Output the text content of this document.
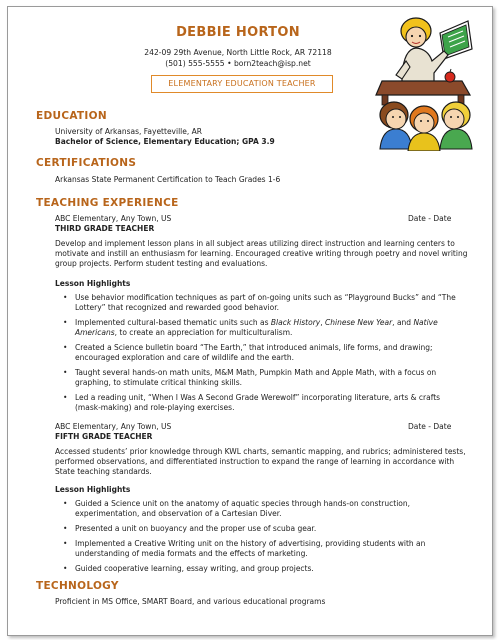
DEBBIE HORTON
242-09 29th Avenue, North Little Rock, AR 72118
(501) 555-5555 • born2teach@isp.net
ELEMENTARY EDUCATION TEACHER
EDUCATION
University of Arkansas, Fayetteville, AR
Bachelor of Science, Elementary Education; GPA 3.9
CERTIFICATIONS
Arkansas State Permanent Certification to Teach Grades 1-6
TEACHING EXPERIENCE
ABC Elementary, Any Town, US	Date - Date
THIRD GRADE TEACHER
Develop and implement lesson plans in all subject areas utilizing direct instruction and learning centers to motivate and instill an enthusiasm for learning. Encouraged creative writing through poetry and novel writing group projects. Perform student testing and evaluations.
Lesson Highlights
• Use behavior modification techniques as part of on-going units such as “Playground Bucks” and “The Lottery” that recognized and rewarded good behavior.
• Implemented cultural-based thematic units such as Black History, Chinese New Year, and Native Americans, to create an appreciation for multiculturalism.
• Created a Science bulletin board “The Earth,” that introduced animals, life forms, and drawing; encouraged exploration and care of wildlife and the earth.
• Taught several hands-on math units, M&M Math, Pumpkin Math and Apple Math, with a focus on graphing, to stimulate critical thinking skills.
• Led a reading unit, “When I Was A Second Grade Werewolf” incorporating literature, arts & crafts (mask-making) and role-playing exercises.
ABC Elementary, Any Town, US	Date - Date
FIFTH GRADE TEACHER
Accessed students’ prior knowledge through KWL charts, semantic mapping, and rubrics; administered tests, performed observations, and differentiated instruction to expand the range of learning in accordance with State teaching standards.
Lesson Highlights
• Guided a Science unit on the anatomy of aquatic species through hands-on construction, experimentation, and observation of a Cartesian Diver.
• Presented a unit on buoyancy and the proper use of scuba gear.
• Implemented a Creative Writing unit on the history of advertising, providing students with an understanding of media formats and the effects of marketing.
• Guided cooperative learning, essay writing, and group projects.
TECHNOLOGY
Proficient in MS Office, SMART Board, and various educational programs
